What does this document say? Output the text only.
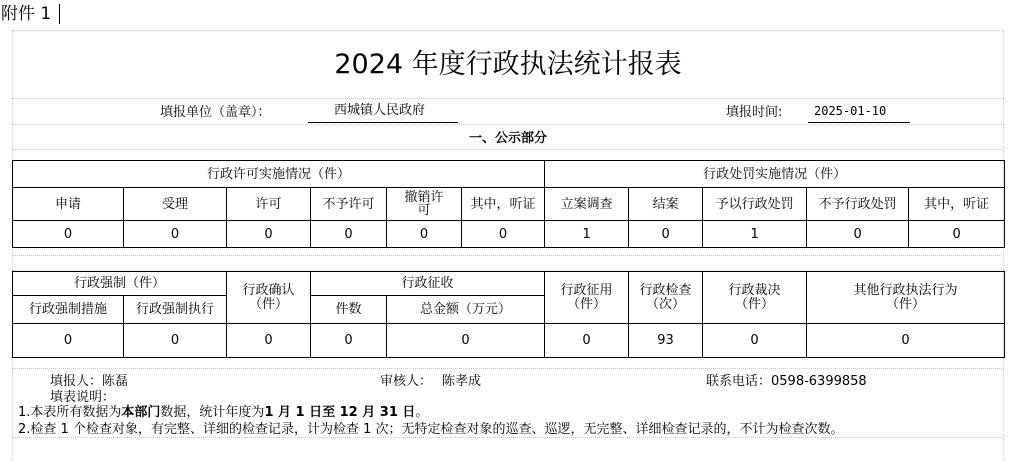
附件 1
2024 年度行政执法统计报表
填报单位（盖章）：	西城镇人民政府	填报时间:	2025-01-10
一、公示部分
行政许可实施情况（件）						行政处罚实施情况（件）				
申请	受理	许可	不予许可	撤销许可	其中，听证	立案调查	结案	予以行政处罚	不予行政处罚	其中，听证
0	0	0	0	0	0	1	0	1	0	0
行政强制（件）		行政确认（件）	行政征收		行政征用（件）	行政检查（次）	行政裁决（件）	其他行政执法行为（件）

行政强制措施	行政强制执行		件数	总金额（万元）				
0	0	0	0	0	0	93	0	0
填报人：陈磊	审核人： 陈孝成	联系电话：0598-6399858
填表说明：
1.本表所有数据为本部门数据，统计年度为1 月 1 日至 12 月 31 日。
2.检查 1 个检查对象，有完整、详细的检查记录，计为检查 1 次；无特定检查对象的巡查、巡逻，无完整、详细检查记录的，不计为检查次数。
